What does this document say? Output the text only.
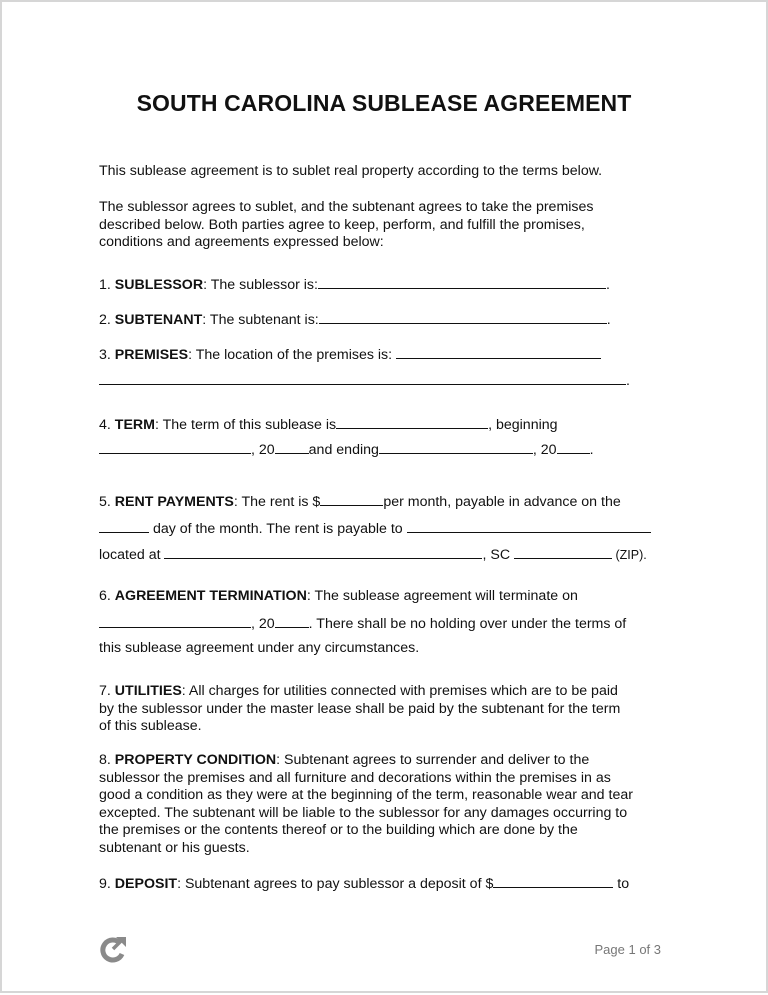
SOUTH CAROLINA SUBLEASE AGREEMENT
This sublease agreement is to sublet real property according to the terms below.
The sublessor agrees to sublet, and the subtenant agrees to take the premises
described below. Both parties agree to keep, perform, and fulfill the promises,
conditions and agreements expressed below:
1. SUBLESSOR: The sublessor is:	.
2. SUBTENANT: The subtenant is:	.
3. PREMISES: The location of the premises is:
.
4. TERM: The term of this sublease is	, beginning
, 20 and ending	, 20 .
5. RENT PAYMENTS: The rent is $	per month, payable in advance on the
day of the month. The rent is payable to
located at	, SC	(ZIP).
6. AGREEMENT TERMINATION: The sublease agreement will terminate on
, 20 . There shall be no holding over under the terms of
this sublease agreement under any circumstances.
7. UTILITIES: All charges for utilities connected with premises which are to be paid
by the sublessor under the master lease shall be paid by the subtenant for the term
of this sublease.
8. PROPERTY CONDITION: Subtenant agrees to surrender and deliver to the
sublessor the premises and all furniture and decorations within the premises in as
good a condition as they were at the beginning of the term, reasonable wear and tear
excepted. The subtenant will be liable to the sublessor for any damages occurring to
the premises or the contents thereof or to the building which are done by the
subtenant or his guests.
9. DEPOSIT: Subtenant agrees to pay sublessor a deposit of $	to
Page 1 of 3
